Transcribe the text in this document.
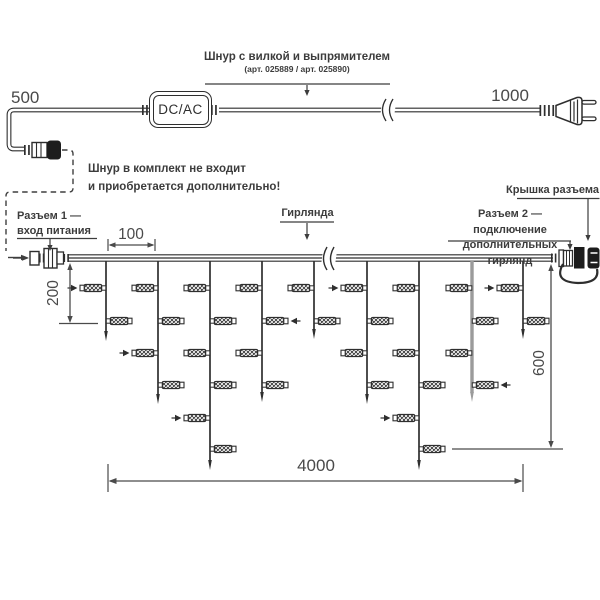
500	1000
Шнур с вилкой и выпрямителем
(арт. 025889 / арт. 025890)
DC/AC
Шнур в комплект не входит
и приобретается дополнительно!
Разъем 1 —
вход питания
Гирлянда
Крышка разъема
Разъем 2 — подключение
дополнительных гирлянд
100
200
600
4000
